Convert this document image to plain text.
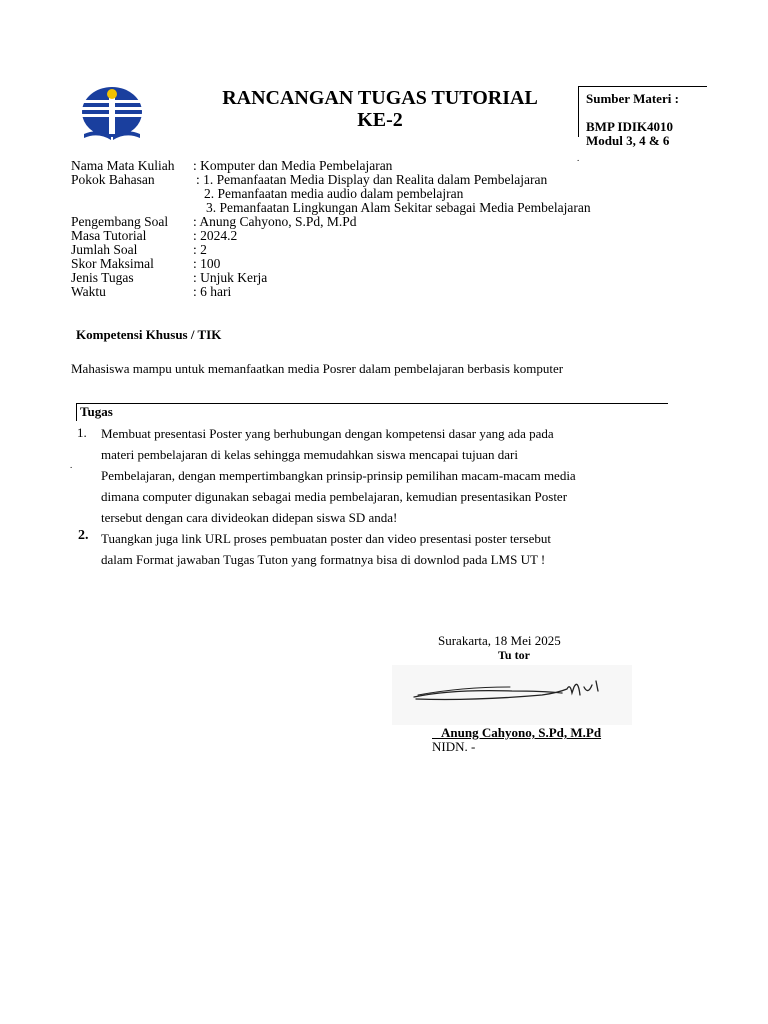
RANCANGAN TUGAS TUTORIAL
KE-2
Sumber Materi :
BMP IDIK4010
Modul 3, 4 & 6
.
Nama Mata Kuliah : Komputer dan Media Pembelajaran
Pokok Bahasan	: 1. Pemanfaatan Media Display dan Realita dalam Pembelajaran
2. Pemanfaatan media audio dalam pembelajran
3. Pemanfaatan Lingkungan Alam Sekitar sebagai Media Pembelajaran
Pengembang Soal : Anung Cahyono, S.Pd, M.Pd
Masa Tutorial	: 2024.2
Jumlah Soal	: 2
Skor Maksimal	: 100
Jenis Tugas	: Unjuk Kerja
Waktu	: 6 hari
Kompetensi Khusus / TIK
Mahasiswa mampu untuk memanfaatkan media Posrer dalam pembelajaran berbasis komputer
Tugas
1. Membuat presentasi Poster yang berhubungan dengan kompetensi dasar yang ada pada
materi pembelajaran di kelas sehingga memudahkan siswa mencapai tujuan dari
.
Pembelajaran, dengan mempertimbangkan prinsip-prinsip pemilihan macam-macam media
dimana computer digunakan sebagai media pembelajaran, kemudian presentasikan Poster
tersebut dengan cara divideokan didepan siswa SD anda!
2. Tuangkan juga link URL proses pembuatan poster dan video presentasi poster tersebut
dalam Format jawaban Tugas Tuton yang formatnya bisa di downlod pada LMS UT !
Surakarta, 18 Mei 2025
Tu tor
Anung Cahyono, S.Pd, M.Pd
NIDN. -
